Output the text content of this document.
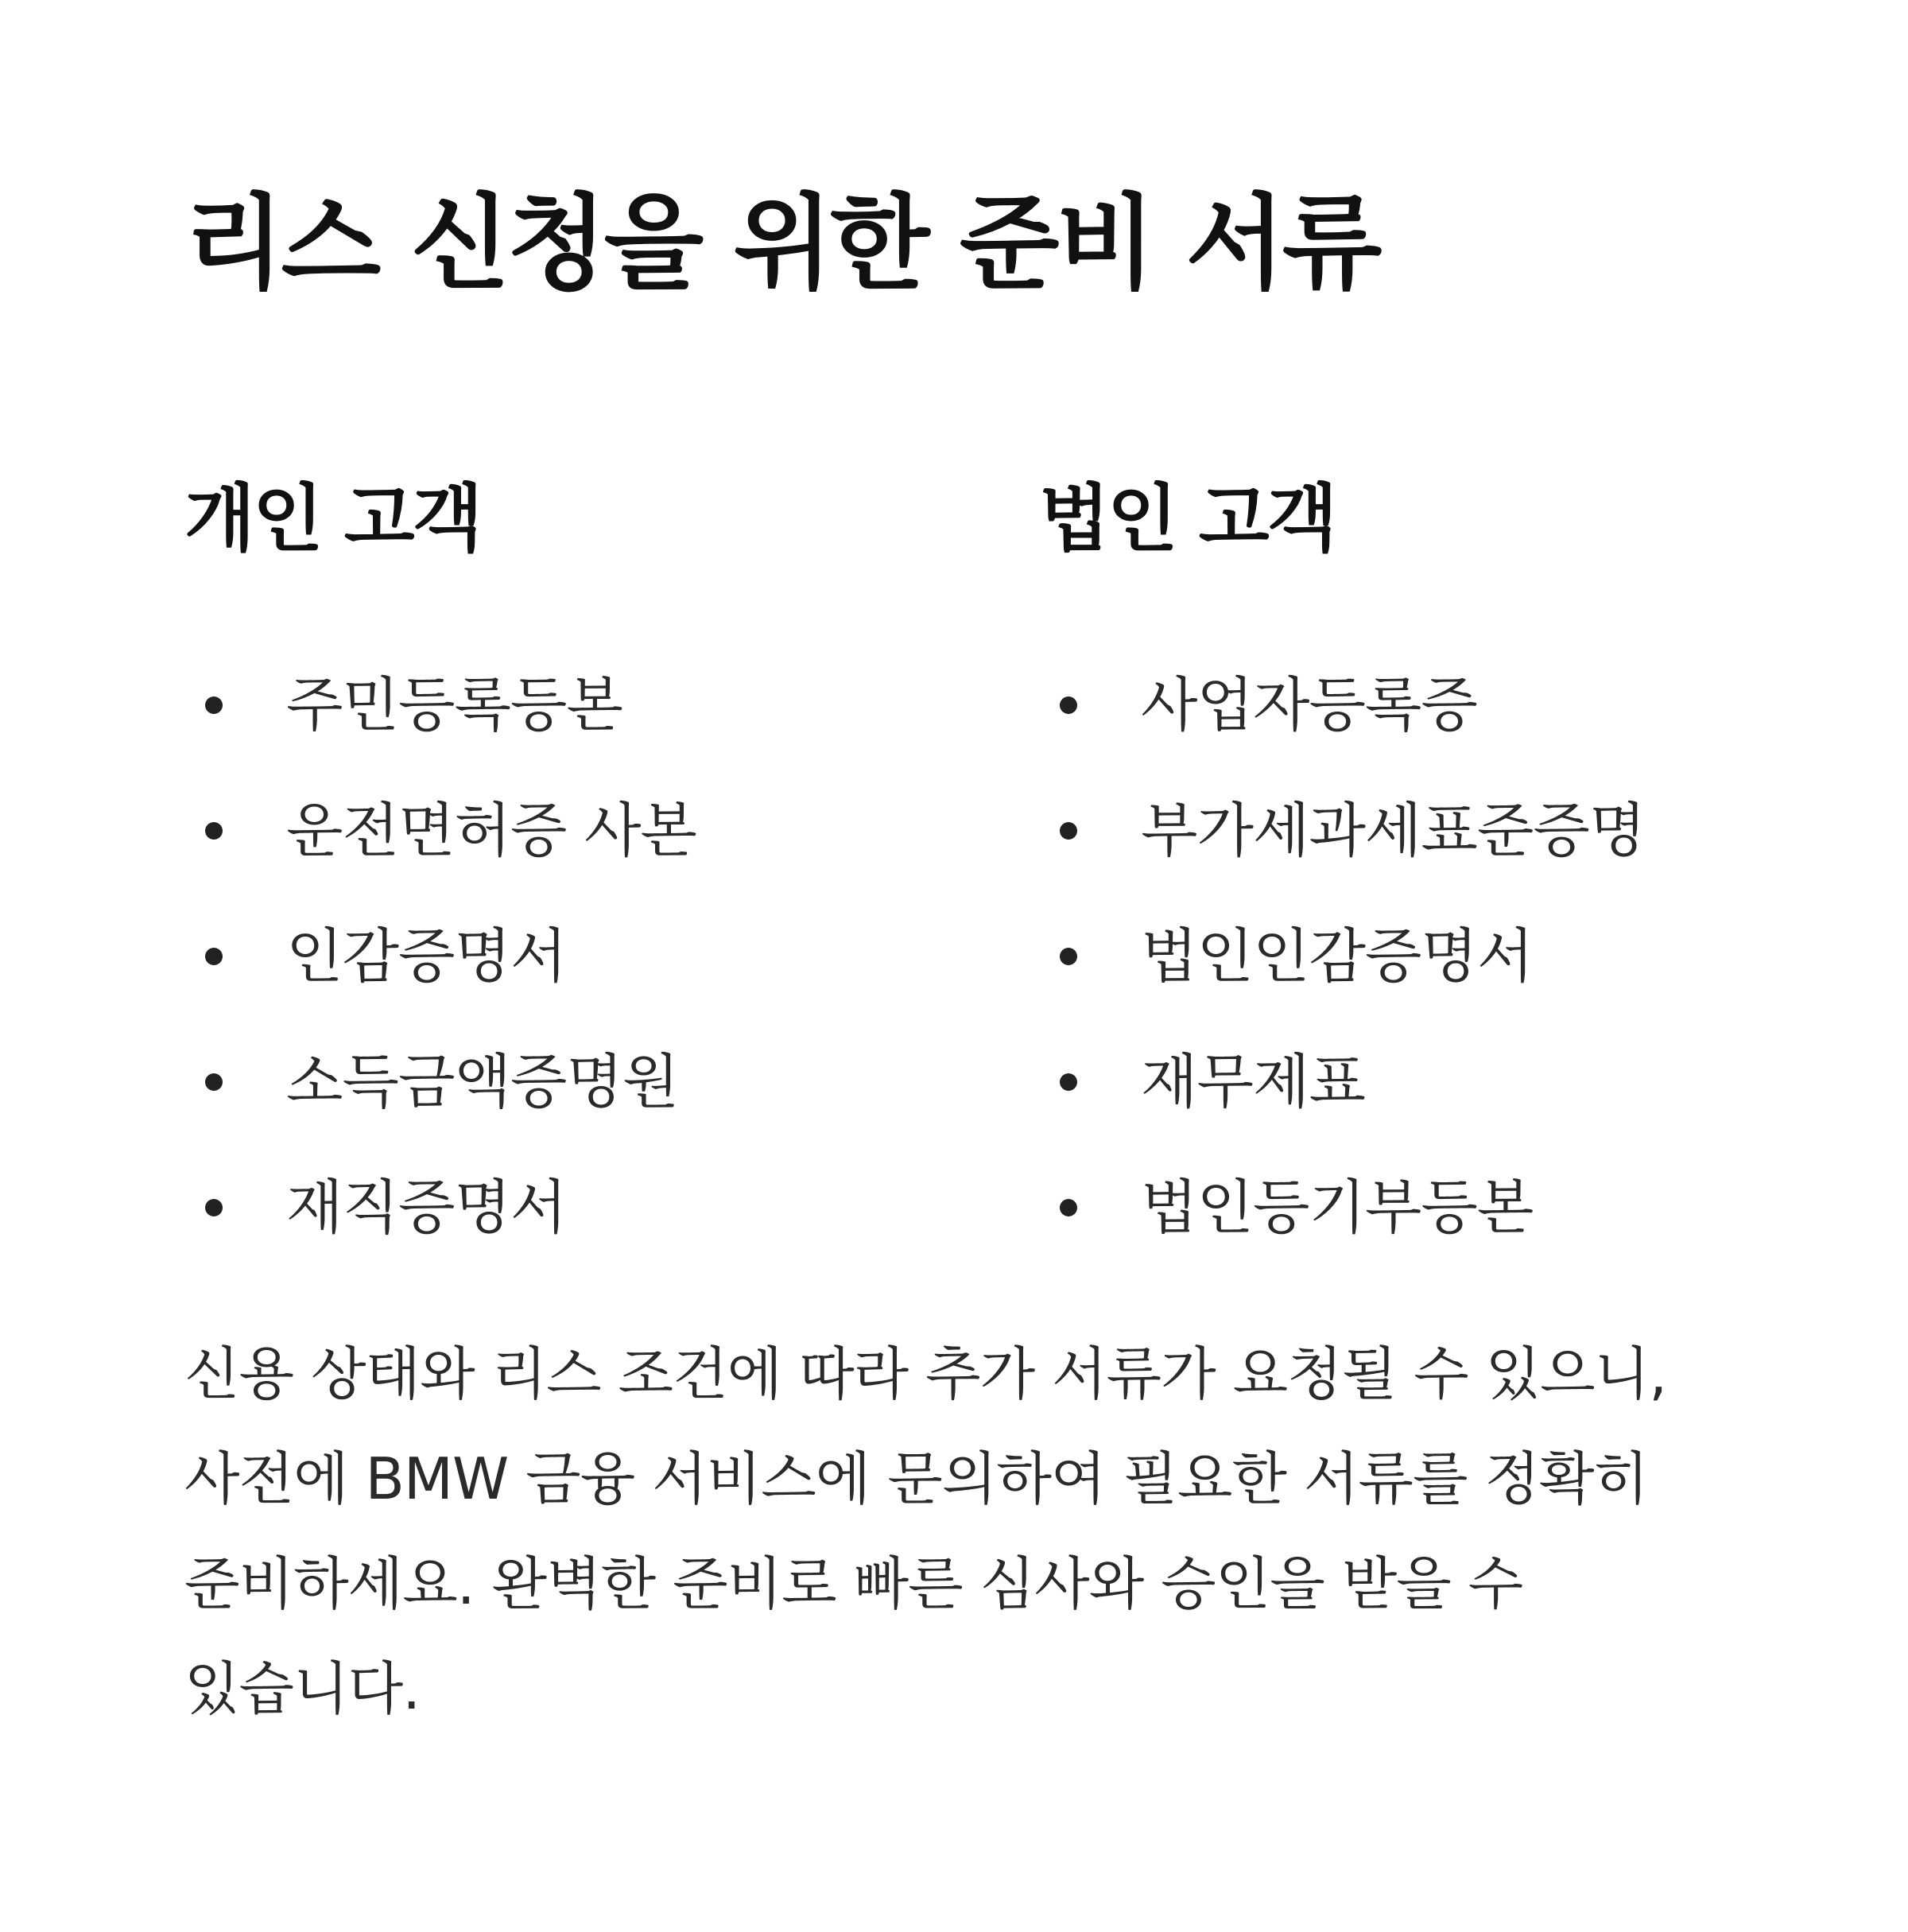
리스 신청을 위한 준비 서류
개인 고객
주민등록등본
운전면허증 사본
인감증명서
소득금액증명원
재직증명서
법인 고객
사업자등록증
부가세과세표준증명
법인인감증명서
재무제표
법인등기부등본

신용 상태와 리스 조건에 따라 추가 서류가 요청될 수 있으니, 사전에 BMW 금융 서비스에 문의하여 필요한 서류를 정확히 준비하세요. 완벽한 준비로 빠른 심사와 승인을 받을 수 있습니다.
